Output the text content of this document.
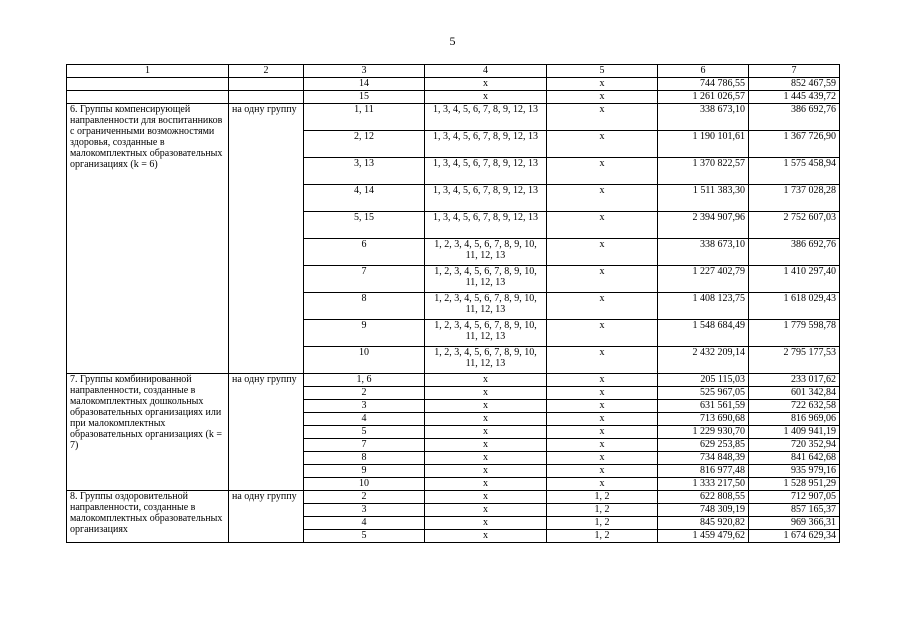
5
1	2	3	4	5	6	7
		14	x	x	744 786,55	852 467,59
		15	x	x	1 261 026,57	1 445 439,72
6. Группы компенсирующей направленности для воспитанников с ограниченными возможностями здоровья, созданные в малокомплектных образовательных организациях (k = 6)	на одну группу	1, 11	1, 3, 4, 5, 6, 7, 8, 9, 12, 13	x	338 673,10	386 692,76
		2, 12	1, 3, 4, 5, 6, 7, 8, 9, 12, 13	x	1 190 101,61	1 367 726,90
		3, 13	1, 3, 4, 5, 6, 7, 8, 9, 12, 13	x	1 370 822,57	1 575 458,94
		4, 14	1, 3, 4, 5, 6, 7, 8, 9, 12, 13	x	1 511 383,30	1 737 028,28
		5, 15	1, 3, 4, 5, 6, 7, 8, 9, 12, 13	x	2 394 907,96	2 752 607,03
		6	1, 2, 3, 4, 5, 6, 7, 8, 9, 10, 11, 12, 13	x	338 673,10	386 692,76
		7	1, 2, 3, 4, 5, 6, 7, 8, 9, 10, 11, 12, 13	x	1 227 402,79	1 410 297,40
		8	1, 2, 3, 4, 5, 6, 7, 8, 9, 10, 11, 12, 13	x	1 408 123,75	1 618 029,43
		9	1, 2, 3, 4, 5, 6, 7, 8, 9, 10, 11, 12, 13	x	1 548 684,49	1 779 598,78
		10	1, 2, 3, 4, 5, 6, 7, 8, 9, 10, 11, 12, 13	x	2 432 209,14	2 795 177,53
7. Группы комбинированной направленности, созданные в малокомплектных дошкольных образовательных организациях или при малокомплектных образовательных организациях (k = 7)	на одну группу	1, 6	x	x	205 115,03	233 017,62
		2	x	x	525 967,05	601 342,84
		3	x	x	631 561,59	722 632,58
		4	x	x	713 690,68	816 969,06
		5	x	x	1 229 930,70	1 409 941,19
		7	x	x	629 253,85	720 352,94
		8	x	x	734 848,39	841 642,68
		9	x	x	816 977,48	935 979,16
		10	x	x	1 333 217,50	1 528 951,29
8. Группы оздоровительной направленности, созданные в малокомплектных образовательных организациях	на одну группу	2	x	1, 2	622 808,55	712 907,05
		3	x	1, 2	748 309,19	857 165,37
		4	x	1, 2	845 920,82	969 366,31
		5	x	1, 2	1 459 479,62	1 674 629,34
